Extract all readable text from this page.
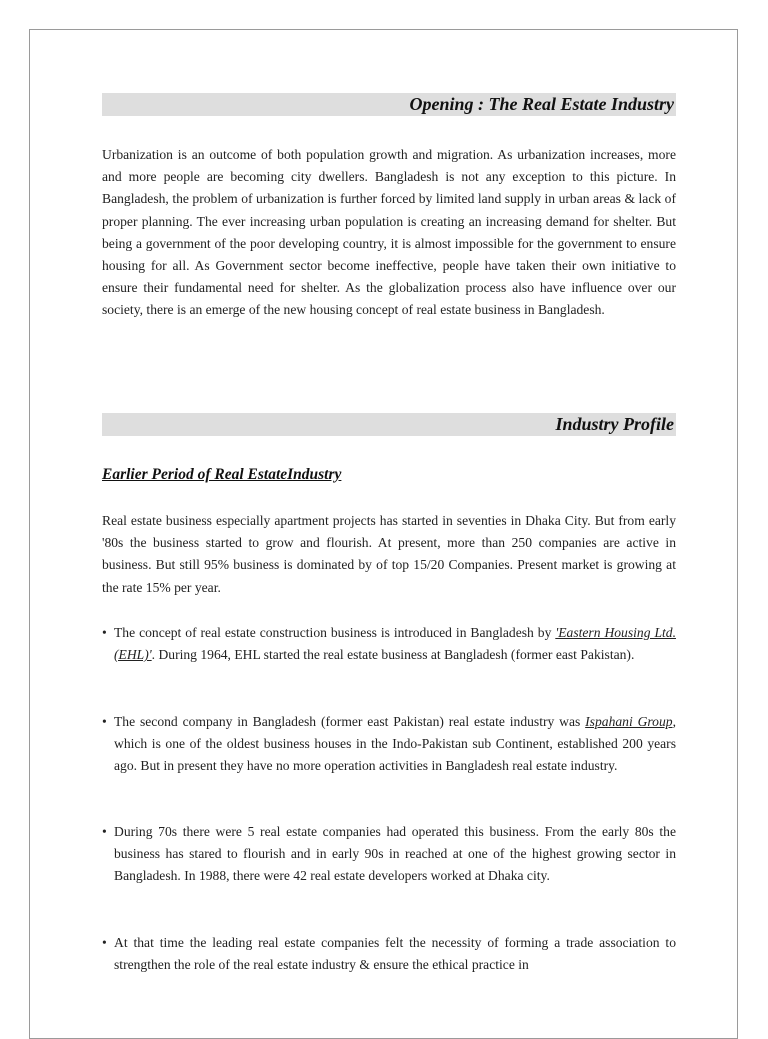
Opening : The Real Estate Industry

Urbanization is an outcome of both population growth and migration. As urbanization increases, more and more people are becoming city dwellers. Bangladesh is not any exception to this picture. In Bangladesh, the problem of urbanization is further forced by limited land supply in urban areas & lack of proper planning. The ever increasing urban population is creating an increasing demand for shelter. But being a government of the poor developing country, it is almost impossible for the government to ensure housing for all. As Government sector become ineffective, people have taken their own initiative to ensure their fundamental need for shelter. As the globalization process also have influence over our society, there is an emerge of the new housing concept of real estate business in Bangladesh.

Industry Profile
Earlier Period of Real EstateIndustry

Real estate business especially apartment projects has started in seventies in Dhaka City. But from early '80s the business started to grow and flourish. At present, more than 250 companies are active in business. But still 95% business is dominated by of top 15/20 Companies. Present market is growing at the rate 15% per year.

• The concept of real estate construction business is introduced in Bangladesh by 'Eastern Housing Ltd.(EHL)'. During 1964, EHL started the real estate business at Bangladesh (former east Pakistan).
• The second company in Bangladesh (former east Pakistan) real estate industry was Ispahani Group, which is one of the oldest business houses in the Indo-Pakistan sub Continent, established 200 years ago. But in present they have no more operation activities in Bangladesh real estate industry.
• During 70s there were 5 real estate companies had operated this business. From the early 80s the business has stared to flourish and in early 90s in reached at one of the highest growing sector in Bangladesh. In 1988, there were 42 real estate developers worked at Dhaka city.
• At that time the leading real estate companies felt the necessity of forming a trade association to strengthen the role of the real estate industry & ensure the ethical practice in
